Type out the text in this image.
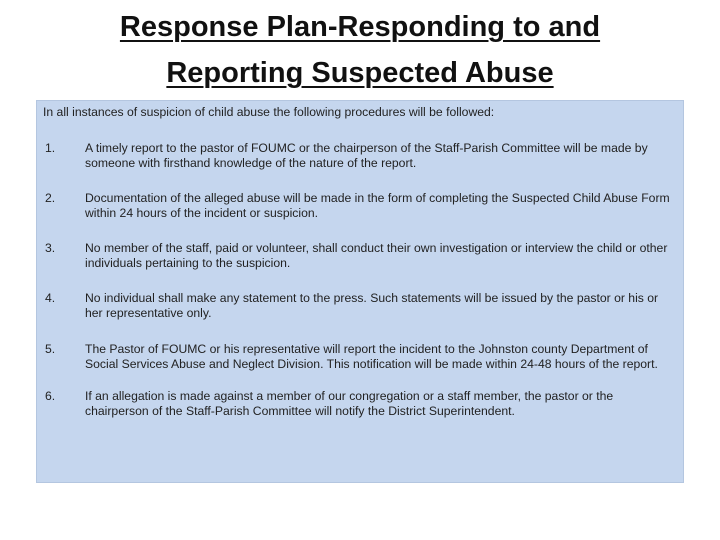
Response Plan-Responding to and
Reporting Suspected Abuse
In all instances of suspicion of child abuse the following procedures will be followed:
1.	A timely report to the pastor of FOUMC or the chairperson of the Staff-Parish Committee will be made by someone with firsthand knowledge of the nature of the report.
2.	Documentation of the alleged abuse will be made in the form of completing the Suspected Child Abuse Form within 24 hours of the incident or suspicion.
3.	No member of the staff, paid or volunteer, shall conduct their own investigation or interview the child or other individuals pertaining to the suspicion.
4.	No individual shall make any statement to the press. Such statements will be issued by the pastor or his or her representative only.
5.	The Pastor of FOUMC or his representative will report the incident to the Johnston county Department of Social Services Abuse and Neglect Division. This notification will be made within 24-48 hours of the report.
6.	If an allegation is made against a member of our congregation or a staff member, the pastor or the chairperson of the Staff-Parish Committee will notify the District Superintendent.
